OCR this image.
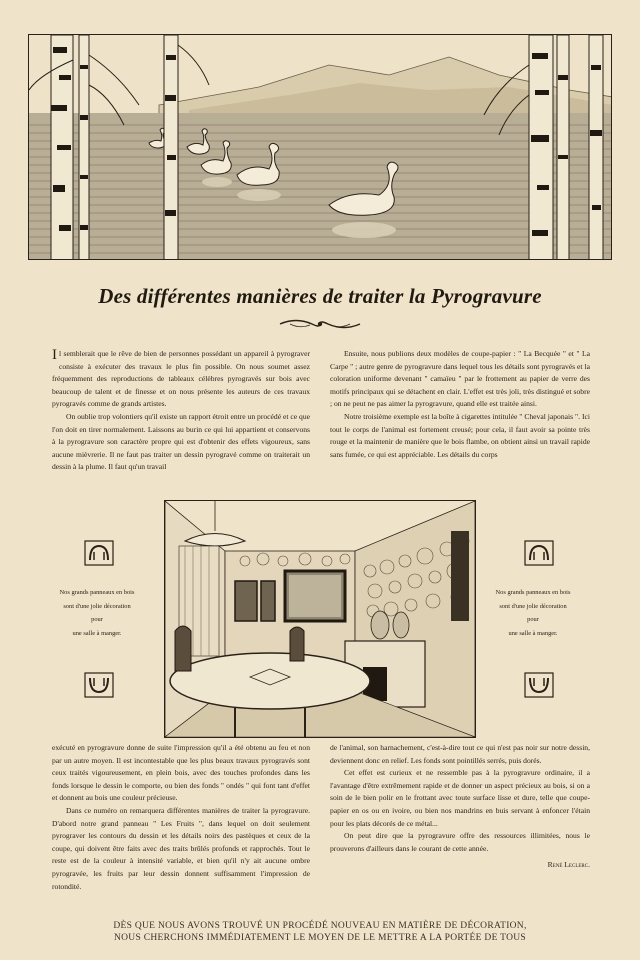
Des différentes manières de traiter la Pyrogravure

Il semblerait que le rêve de bien de personnes possédant un appareil à pyrograver consiste à exécuter des travaux le plus fin possible. On nous soumet assez fréquemment des reproductions de tableaux célèbres pyrogravés sur bois avec beaucoup de talent et de finesse et on nous présente les auteurs de ces travaux pyrogravés comme de grands artistes.

On oublie trop volontiers qu'il existe un rapport étroit entre un procédé et ce que l'on doit en tirer normalement. Laissons au burin ce qui lui appartient et conservons à la pyrogravure son caractère propre qui est d'obtenir des effets vigoureux, sans aucune mièvrerie. Il ne faut pas traiter un dessin pyrogravé comme on traiterait un dessin à la plume. Il faut qu'un travail

Ensuite, nous publions deux modèles de coupe-papier : " La Becquée " et " La Carpe " ; autre genre de pyrogravure dans lequel tous les détails sont pyrogravés et la coloration uniforme devenant " camaïeu " par le frottement au papier de verre des motifs principaux qui se détachent en clair. L'effet est très joli, très distingué et sobre ; on ne peut ne pas aimer la pyrogravure, quand elle est traitée ainsi.

Notre troisième exemple est la boîte à cigarettes intitulée " Cheval japonais ". Ici tout le corps de l'animal est fortement creusé; pour cela, il faut avoir sa pointe très rouge et la maintenir de manière que le bois flambe, on obtient ainsi un travail rapide sans fumée, ce qui est appréciable. Les détails du corps

Nos grands panneaux en bois
sont d'une jolie décoration
pour
une salle à manger.
Nos grands panneaux en bois
sont d'une jolie décoration
pour
une salle à manger.

exécuté en pyrogravure donne de suite l'impression qu'il a été obtenu au feu et non par un autre moyen. Il est incontestable que les plus beaux travaux pyrogravés sont ceux traités vigoureusement, en plein bois, avec des touches profondes dans les fonds lorsque le dessin le comporte, ou bien des fonds " ondés " qui font tant d'effet et donnent au bois une couleur précieuse.

Dans ce numéro on remarquera différentes manières de traiter la pyrogravure. D'abord notre grand panneau " Les Fruits ", dans lequel on doit seulement pyrograver les contours du dessin et les détails noirs des pastèques et ceux de la coupe, qui doivent être faits avec des traits brûlés profonds et rapprochés. Tout le reste est de la couleur à intensité variable, et bien qu'il n'y ait aucune ombre pyrogravée, les fruits par leur dessin donnent suffisamment l'impression de rotondité.

de l'animal, son harnachement, c'est-à-dire tout ce qui n'est pas noir sur notre dessin, deviennent donc en relief. Les fonds sont pointillés serrés, puis dorés.

Cet effet est curieux et ne ressemble pas à la pyrogravure ordinaire, il a l'avantage d'être extrêmement rapide et de donner un aspect précieux au bois, si on a soin de le bien polir en le frottant avec toute surface lisse et dure, telle que coupe-papier en os ou en ivoire, ou bien nos mandrins en buis servant à enfoncer l'étain pour les plats décorés de ce métal...

On peut dire que la pyrogravure offre des ressources illimitées, nous le prouverons d'ailleurs dans le courant de cette année.

René Leclerc.
DÈS QUE NOUS AVONS TROUVÉ UN PROCÉDÉ NOUVEAU EN MATIÈRE DE DÉCORATION,
NOUS CHERCHONS IMMÉDIATEMENT LE MOYEN DE LE METTRE A LA PORTÉE DE TOUS
